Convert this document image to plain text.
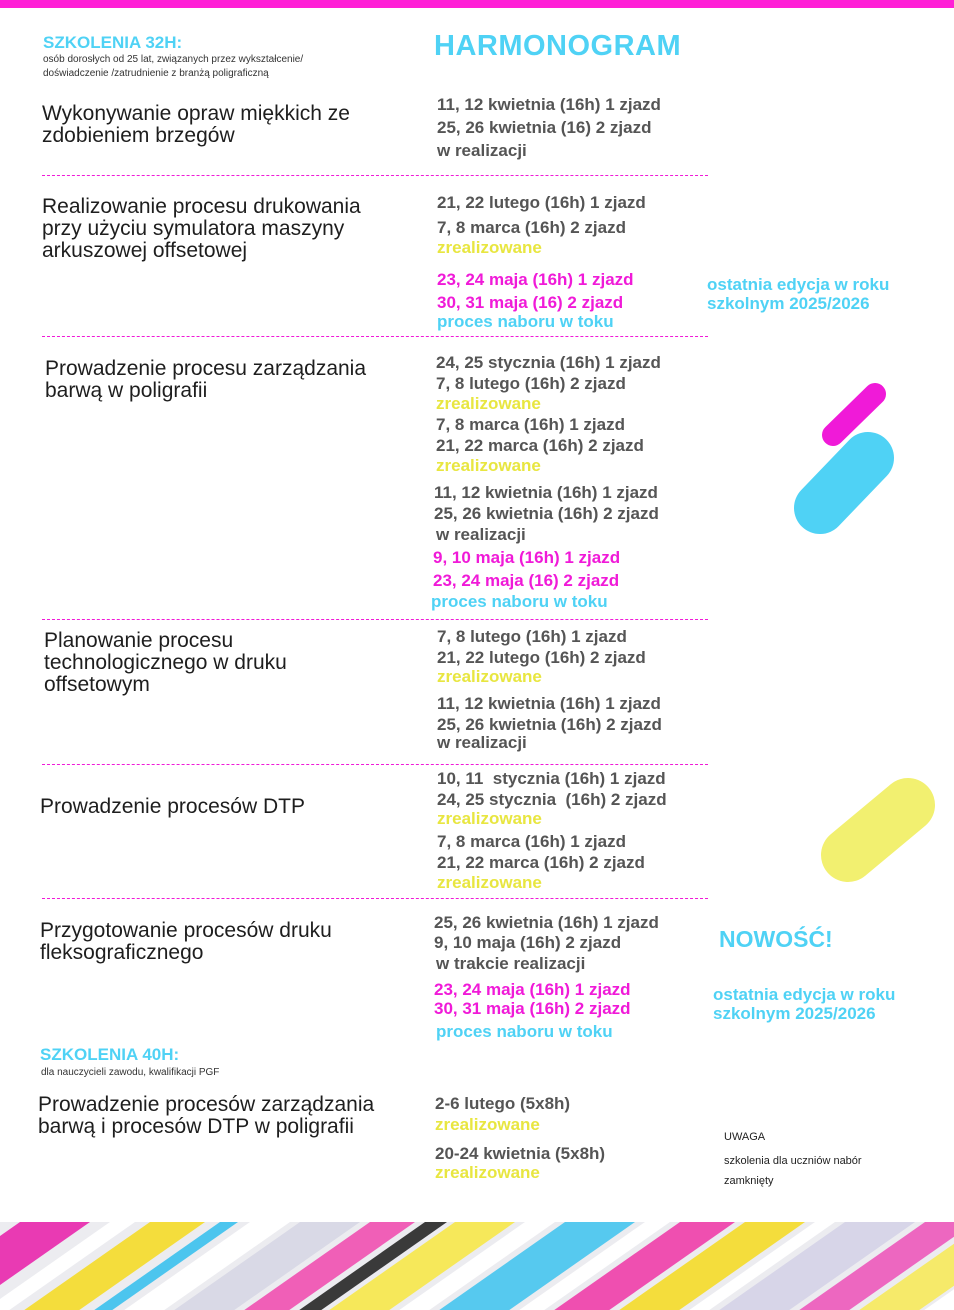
SZKOLENIA 32H:
osób dorosłych od 25 lat, związanych przez wykształcenie/ doświadczenie /zatrudnienie z branżą poligraficzną
HARMONOGRAM
Wykonywanie opraw miękkich ze zdobieniem brzegów
11, 12 kwietnia (16h) 1 zjazd
25, 26 kwietnia (16) 2 zjazd
w realizacji
Realizowanie procesu drukowania przy użyciu symulatora maszyny arkuszowej offsetowej
21, 22 lutego (16h) 1 zjazd
7, 8 marca (16h) 2 zjazd
zrealizowane
23, 24 maja (16h) 1 zjazd
30, 31 maja (16) 2 zjazd
proces naboru w toku
ostatnia edycja w roku szkolnym 2025/2026
Prowadzenie procesu zarządzania barwą w poligrafii
24, 25 stycznia (16h) 1 zjazd
7, 8 lutego (16h) 2 zjazd
zrealizowane
7, 8 marca (16h) 1 zjazd
21, 22 marca (16h) 2 zjazd
zrealizowane
11, 12 kwietnia (16h) 1 zjazd
25, 26 kwietnia (16h) 2 zjazd
w realizacji
9, 10 maja (16h) 1 zjazd
23, 24 maja (16) 2 zjazd
proces naboru w toku
Planowanie procesu technologicznego w druku offsetowym
7, 8 lutego (16h) 1 zjazd
21, 22 lutego (16h) 2 zjazd
zrealizowane
11, 12 kwietnia (16h) 1 zjazd
25, 26 kwietnia (16h) 2 zjazd
w realizacji
Prowadzenie procesów DTP
10, 11  stycznia (16h) 1 zjazd
24, 25 stycznia  (16h) 2 zjazd
zrealizowane
7, 8 marca (16h) 1 zjazd
21, 22 marca (16h) 2 zjazd
zrealizowane
Przygotowanie procesów druku fleksograficznego
25, 26 kwietnia (16h) 1 zjazd
9, 10 maja (16h) 2 zjazd
w trakcie realizacji
23, 24 maja (16h) 1 zjazd
30, 31 maja (16h) 2 zjazd
proces naboru w toku
NOWOŚĆ!
ostatnia edycja w roku szkolnym 2025/2026
SZKOLENIA 40H:
dla nauczycieli zawodu, kwalifikacji PGF
Prowadzenie procesów zarządzania barwą i procesów DTP w poligrafii
2-6 lutego (5x8h)
zrealizowane
20-24 kwietnia (5x8h)
zrealizowane
UWAGA
szkolenia dla uczniów nabór zamknięty
